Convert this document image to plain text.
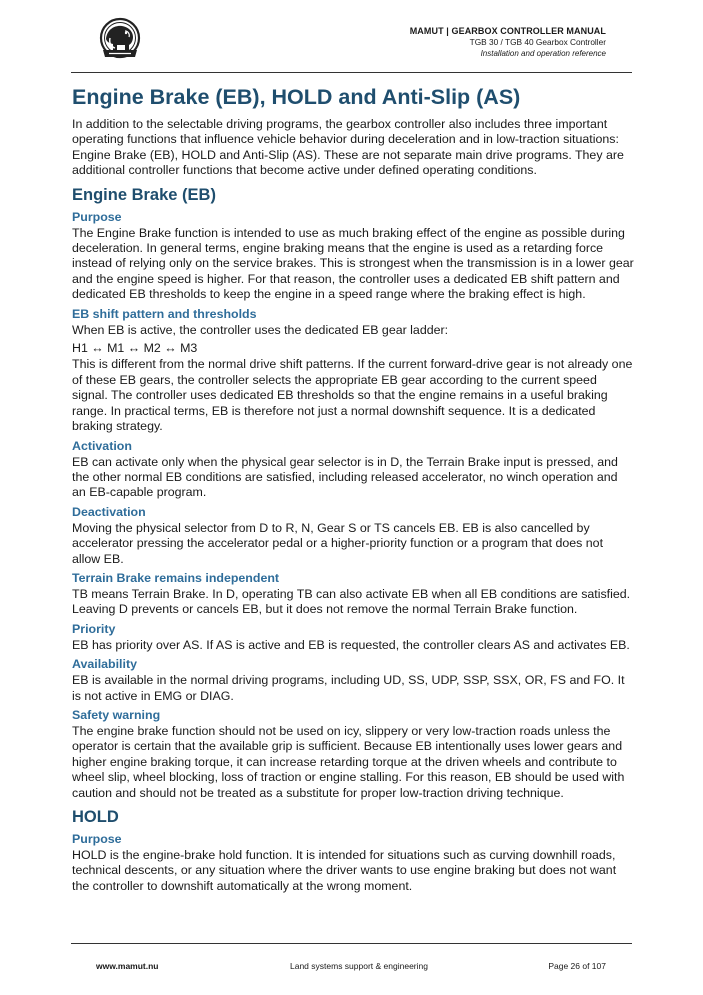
MAMUT | GEARBOX CONTROLLER MANUAL
TGB 30 / TGB 40 Gearbox Controller
Installation and operation reference
Engine Brake (EB), HOLD and Anti-Slip (AS)

In addition to the selectable driving programs, the gearbox controller also includes three important operating functions that influence vehicle behavior during deceleration and in low-traction situations: Engine Brake (EB), HOLD and Anti-Slip (AS). These are not separate main drive programs. They are additional controller functions that become active under defined operating conditions.

Engine Brake (EB)
Purpose

The Engine Brake function is intended to use as much braking effect of the engine as possible during deceleration. In general terms, engine braking means that the engine is used as a retarding force instead of relying only on the service brakes. This is strongest when the transmission is in a lower gear and the engine speed is higher. For that reason, the controller uses a dedicated EB shift pattern and dedicated EB thresholds to keep the engine in a speed range where the braking effect is high.

EB shift pattern and thresholds

When EB is active, the controller uses the dedicated EB gear ladder:

H1 ↔ M1 ↔ M2 ↔ M3

This is different from the normal drive shift patterns. If the current forward-drive gear is not already one of these EB gears, the controller selects the appropriate EB gear according to the current speed signal. The controller uses dedicated EB thresholds so that the engine remains in a useful braking range. In practical terms, EB is therefore not just a normal downshift sequence. It is a dedicated braking strategy.

Activation

EB can activate only when the physical gear selector is in D, the Terrain Brake input is pressed, and the other normal EB conditions are satisfied, including released accelerator, no winch operation and an EB-capable program.

Deactivation

Moving the physical selector from D to R, N, Gear S or TS cancels EB. EB is also cancelled by accelerator pressing the accelerator pedal or a higher-priority function or a program that does not allow EB.

Terrain Brake remains independent

TB means Terrain Brake. In D, operating TB can also activate EB when all EB conditions are satisfied. Leaving D prevents or cancels EB, but it does not remove the normal Terrain Brake function.

Priority

EB has priority over AS. If AS is active and EB is requested, the controller clears AS and activates EB.

Availability

EB is available in the normal driving programs, including UD, SS, UDP, SSP, SSX, OR, FS and FO. It is not active in EMG or DIAG.

Safety warning

The engine brake function should not be used on icy, slippery or very low-traction roads unless the operator is certain that the available grip is sufficient. Because EB intentionally uses lower gears and higher engine braking torque, it can increase retarding torque at the driven wheels and contribute to wheel slip, wheel blocking, loss of traction or engine stalling. For this reason, EB should be used with caution and should not be treated as a substitute for proper low-traction driving technique.

HOLD
Purpose

HOLD is the engine-brake hold function. It is intended for situations such as curving downhill roads, technical descents, or any situation where the driver wants to use engine braking but does not want the controller to downshift automatically at the wrong moment.

www.mamut.nu	Land systems support & engineering	Page 26 of 107
